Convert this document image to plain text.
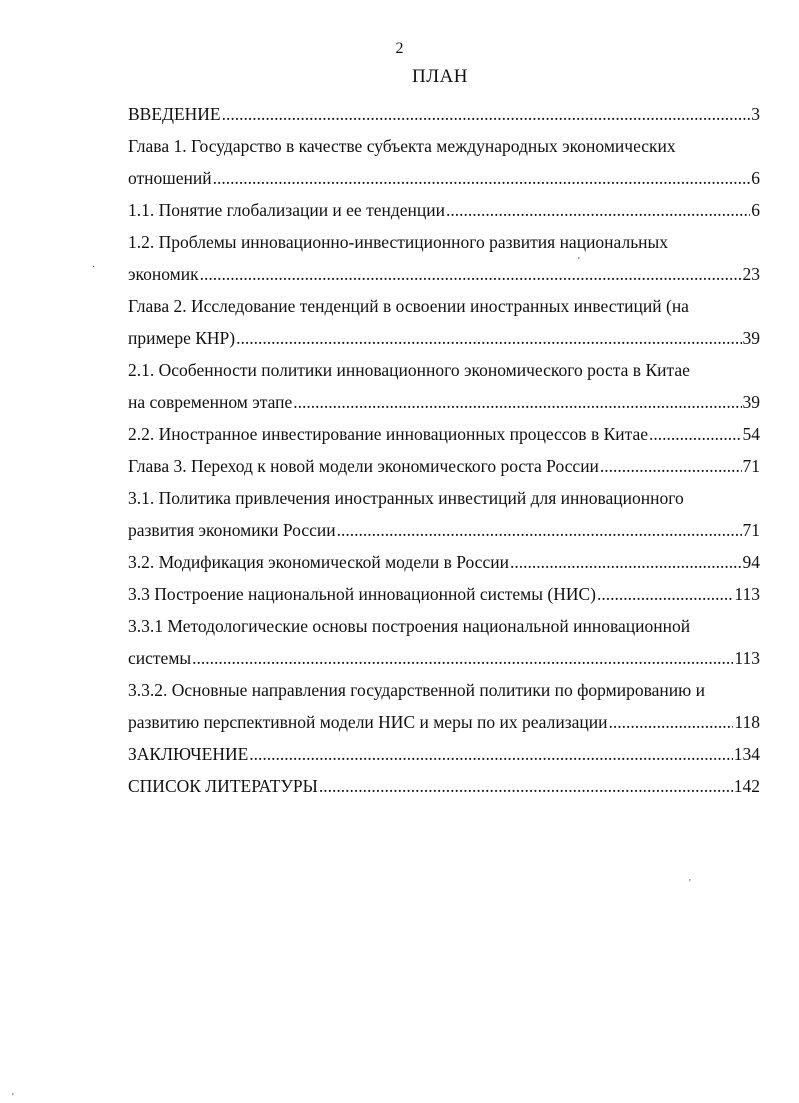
2
ПЛАН
ВВЕДЕНИЕ .....	3
Глава 1. Государство в качестве субъекта международных экономических
отношений .....	6
1.1. Понятие глобализации и ее тенденции .....	6
1.2. Проблемы инновационно-инвестиционного развития национальных
экономик .....	23
Глава 2. Исследование тенденций в освоении иностранных инвестиций (на
примере КНР) .....	39
2.1. Особенности политики инновационного экономического роста в Китае
на современном этапе .....	39
2.2. Иностранное инвестирование инновационных процессов в Китае .....	54
Глава 3. Переход к новой модели экономического роста России .....	71
3.1. Политика привлечения иностранных инвестиций для инновационного
развития экономики России .....	71
3.2. Модификация экономической модели в России .....	94
3.3 Построение национальной инновационной системы (НИС) .....	113
3.3.1 Методологические основы построения национальной инновационной
системы .....	113
3.3.2. Основные направления государственной политики по формированию и
развитию перспективной модели НИС и меры по их реализации .....	118
ЗАКЛЮЧЕНИЕ .....	134
СПИСОК ЛИТЕРАТУРЫ .....	142
·
'
'
'
